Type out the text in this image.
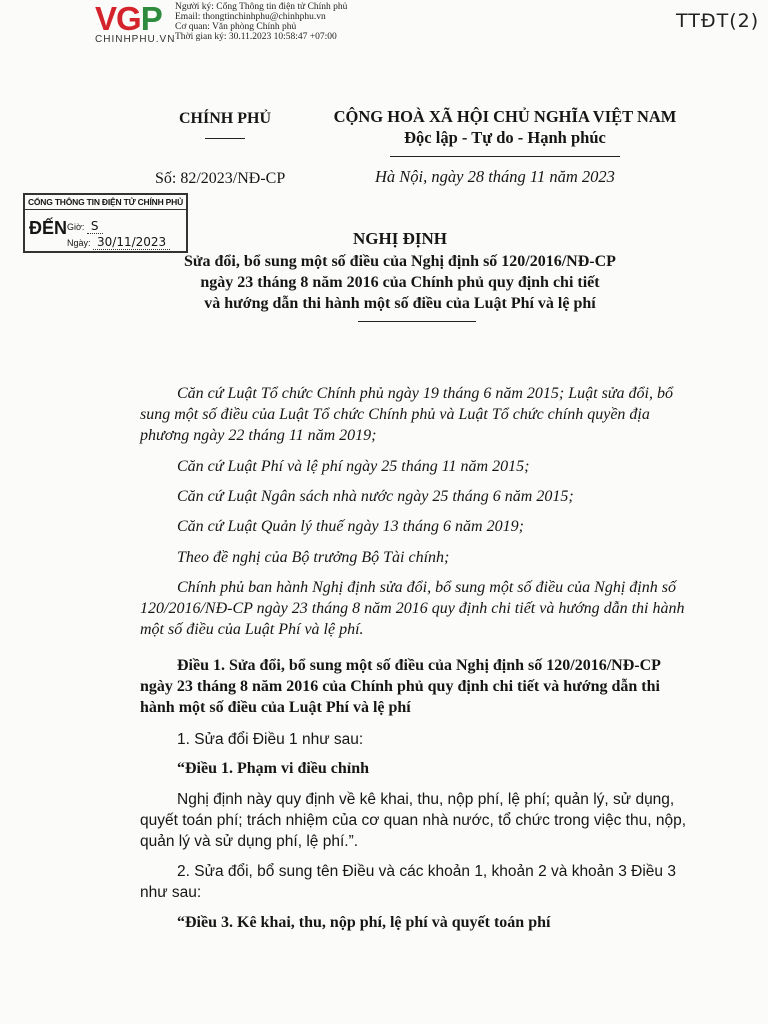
VGP
CHINHPHU.VN
Người ký: Cổng Thông tin điện tử Chính phủ
Email: thongtinchinhphu@chinhphu.vn
Cơ quan: Văn phòng Chính phủ
Thời gian ký: 30.11.2023 10:58:47 +07:00
TTĐT(2)
CHÍNH PHỦ	CỘNG HOÀ XÃ HỘI CHỦ NGHĨA VIỆT NAM
Độc lập - Tự do - Hạnh phúc
Số: 82/2023/NĐ-CP	Hà Nội, ngày 28 tháng 11 năm 2023
CỔNG THÔNG TIN ĐIỆN TỬ CHÍNH PHỦ
ĐẾN Giờ: S
Ngày: 30/11/2023	NGHỊ ĐỊNH
Sửa đổi, bổ sung một số điều của Nghị định số 120/2016/NĐ-CP
ngày 23 tháng 8 năm 2016 của Chính phủ quy định chi tiết
và hướng dẫn thi hành một số điều của Luật Phí và lệ phí
Căn cứ Luật Tổ chức Chính phủ ngày 19 tháng 6 năm 2015; Luật sửa đổi, bổ sung một số điều của Luật Tổ chức Chính phủ và Luật Tổ chức chính quyền địa phương ngày 22 tháng 11 năm 2019;
Căn cứ Luật Phí và lệ phí ngày 25 tháng 11 năm 2015;
Căn cứ Luật Ngân sách nhà nước ngày 25 tháng 6 năm 2015;
Căn cứ Luật Quản lý thuế ngày 13 tháng 6 năm 2019;
Theo đề nghị của Bộ trưởng Bộ Tài chính;
Chính phủ ban hành Nghị định sửa đổi, bổ sung một số điều của Nghị định số 120/2016/NĐ-CP ngày 23 tháng 8 năm 2016 quy định chi tiết và hướng dẫn thi hành một số điều của Luật Phí và lệ phí.
Điều 1. Sửa đổi, bổ sung một số điều của Nghị định số 120/2016/NĐ-CP ngày 23 tháng 8 năm 2016 của Chính phủ quy định chi tiết và hướng dẫn thi hành một số điều của Luật Phí và lệ phí
1. Sửa đổi Điều 1 như sau:
“Điều 1. Phạm vi điều chỉnh
Nghị định này quy định về kê khai, thu, nộp phí, lệ phí; quản lý, sử dụng, quyết toán phí; trách nhiệm của cơ quan nhà nước, tổ chức trong việc thu, nộp, quản lý và sử dụng phí, lệ phí.”.
2. Sửa đổi, bổ sung tên Điều và các khoản 1, khoản 2 và khoản 3 Điều 3 như sau:
“Điều 3. Kê khai, thu, nộp phí, lệ phí và quyết toán phí
